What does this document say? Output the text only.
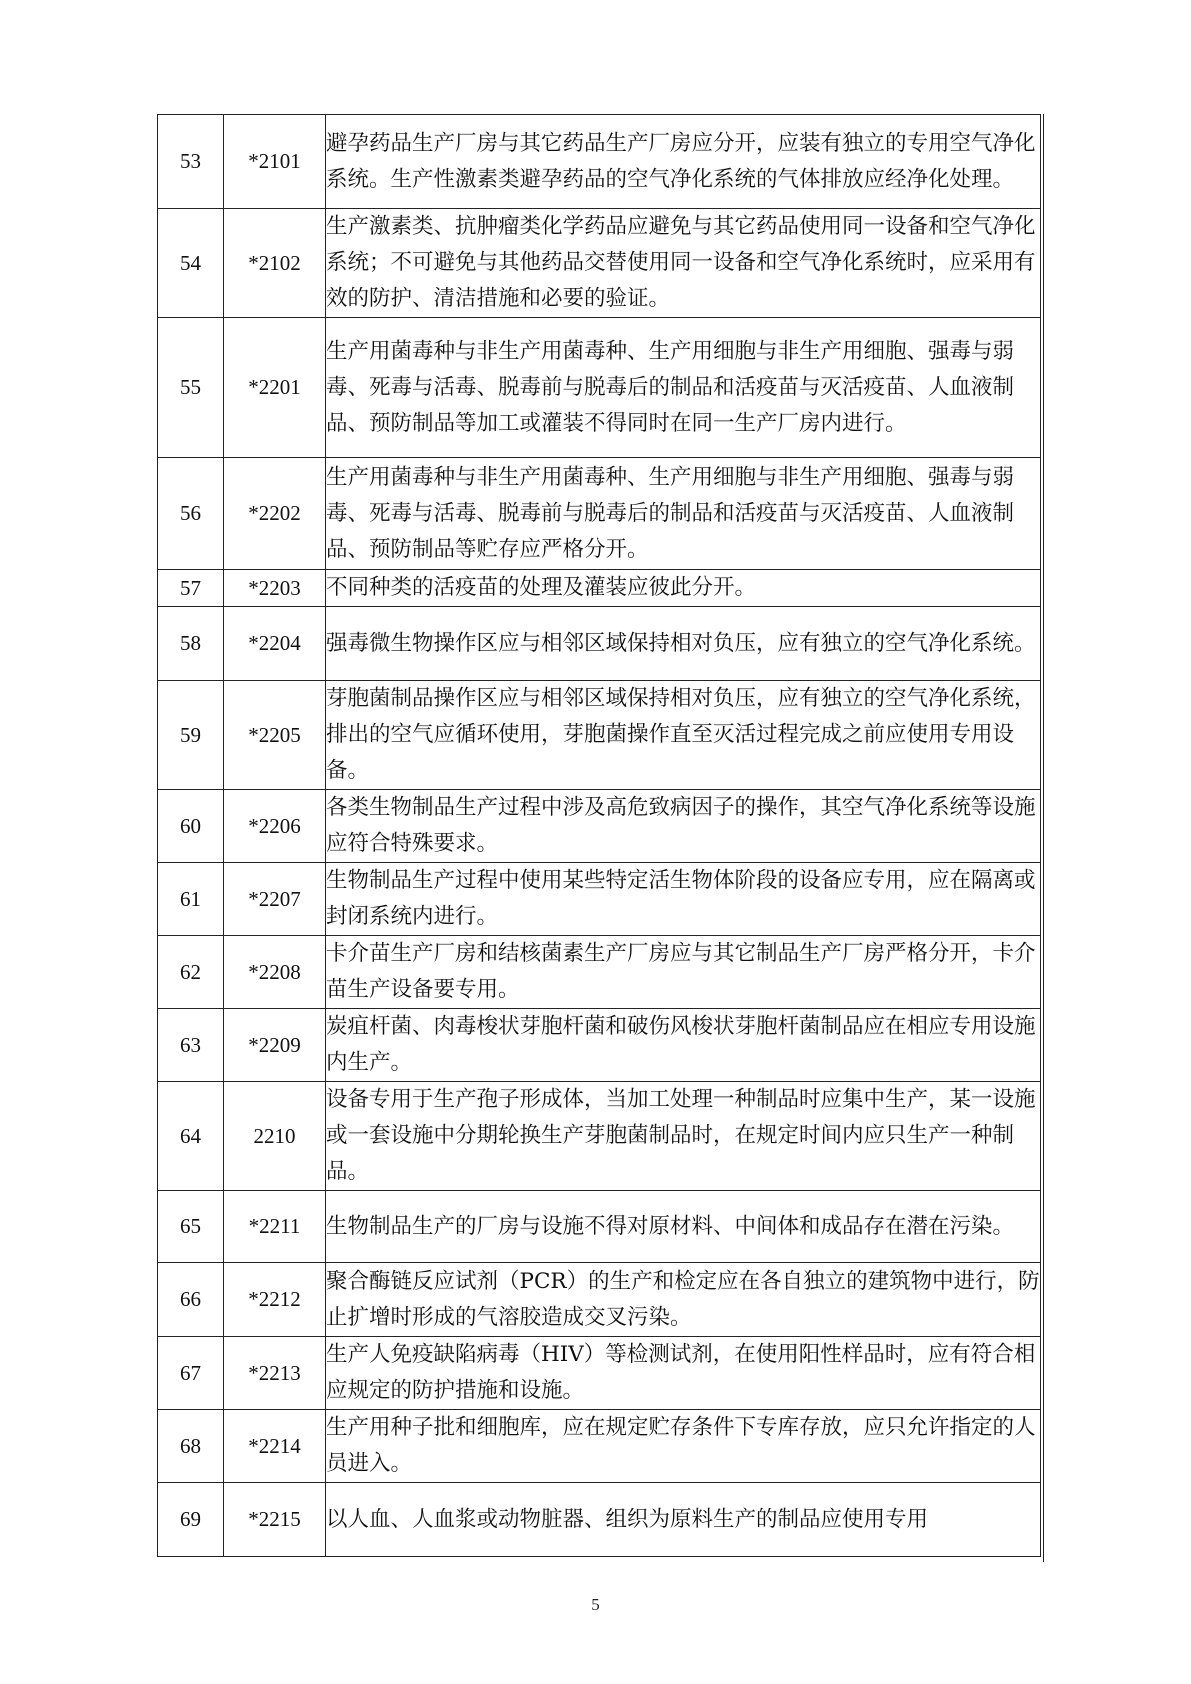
53	*2101	避孕药品生产厂房与其它药品生产厂房应分开，应装有独立的专用空气净化系统。生产性激素类避孕药品的空气净化系统的气体排放应经净化处理。
54	*2102	生产激素类、抗肿瘤类化学药品应避免与其它药品使用同一设备和空气净化系统；不可避免与其他药品交替使用同一设备和空气净化系统时，应采用有效的防护、清洁措施和必要的验证。
55	*2201	生产用菌毒种与非生产用菌毒种、生产用细胞与非生产用细胞、强毒与弱毒、死毒与活毒、脱毒前与脱毒后的制品和活疫苗与灭活疫苗、人血液制品、预防制品等加工或灌装不得同时在同一生产厂房内进行。
56	*2202	生产用菌毒种与非生产用菌毒种、生产用细胞与非生产用细胞、强毒与弱毒、死毒与活毒、脱毒前与脱毒后的制品和活疫苗与灭活疫苗、人血液制品、预防制品等贮存应严格分开。
57	*2203	不同种类的活疫苗的处理及灌装应彼此分开。
58	*2204	强毒微生物操作区应与相邻区域保持相对负压，应有独立的空气净化系统。
59	*2205	芽胞菌制品操作区应与相邻区域保持相对负压，应有独立的空气净化系统，排出的空气应循环使用，芽胞菌操作直至灭活过程完成之前应使用专用设备。
60	*2206	各类生物制品生产过程中涉及高危致病因子的操作，其空气净化系统等设施应符合特殊要求。
61	*2207	生物制品生产过程中使用某些特定活生物体阶段的设备应专用，应在隔离或封闭系统内进行。
62	*2208	卡介苗生产厂房和结核菌素生产厂房应与其它制品生产厂房严格分开，卡介苗生产设备要专用。
63	*2209	炭疽杆菌、肉毒梭状芽胞杆菌和破伤风梭状芽胞杆菌制品应在相应专用设施内生产。
64	2210	设备专用于生产孢子形成体，当加工处理一种制品时应集中生产，某一设施或一套设施中分期轮换生产芽胞菌制品时，在规定时间内应只生产一种制品。
65	*2211	生物制品生产的厂房与设施不得对原材料、中间体和成品存在潜在污染。
66	*2212	聚合酶链反应试剂（PCR）的生产和检定应在各自独立的建筑物中进行，防止扩增时形成的气溶胶造成交叉污染。
67	*2213	生产人免疫缺陷病毒（HIV）等检测试剂，在使用阳性样品时，应有符合相应规定的防护措施和设施。
68	*2214	生产用种子批和细胞库，应在规定贮存条件下专库存放，应只允许指定的人员进入。
69	*2215	以人血、人血浆或动物脏器、组织为原料生产的制品应使用专用
5
